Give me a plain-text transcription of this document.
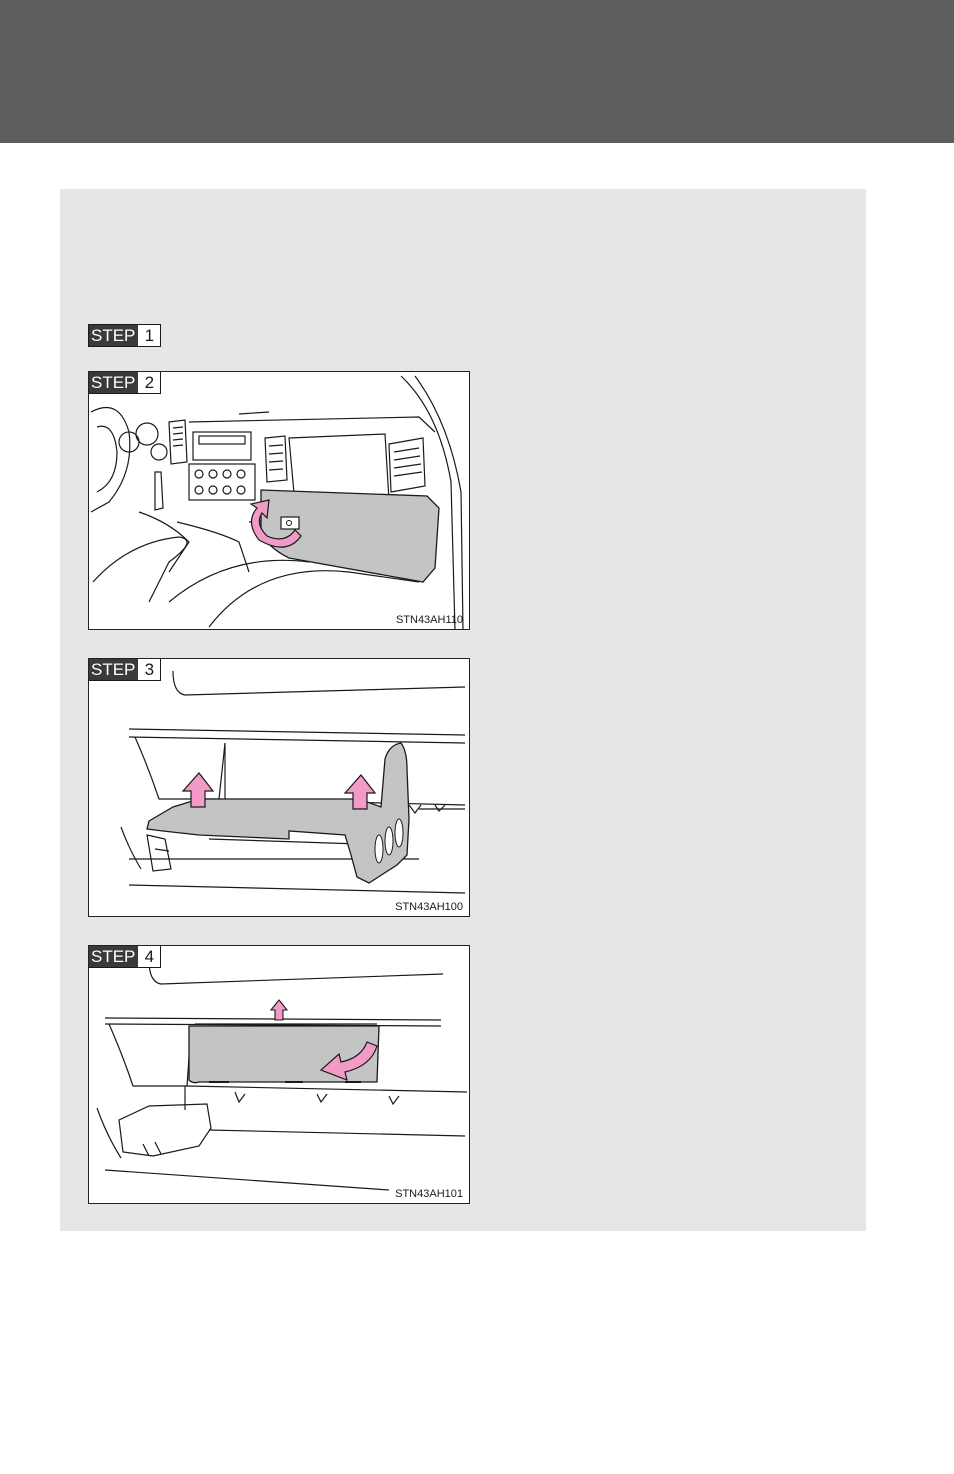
STEP 1
STEP 2
STN43AH110
STEP 3
STN43AH100
STEP 4
STN43AH101
